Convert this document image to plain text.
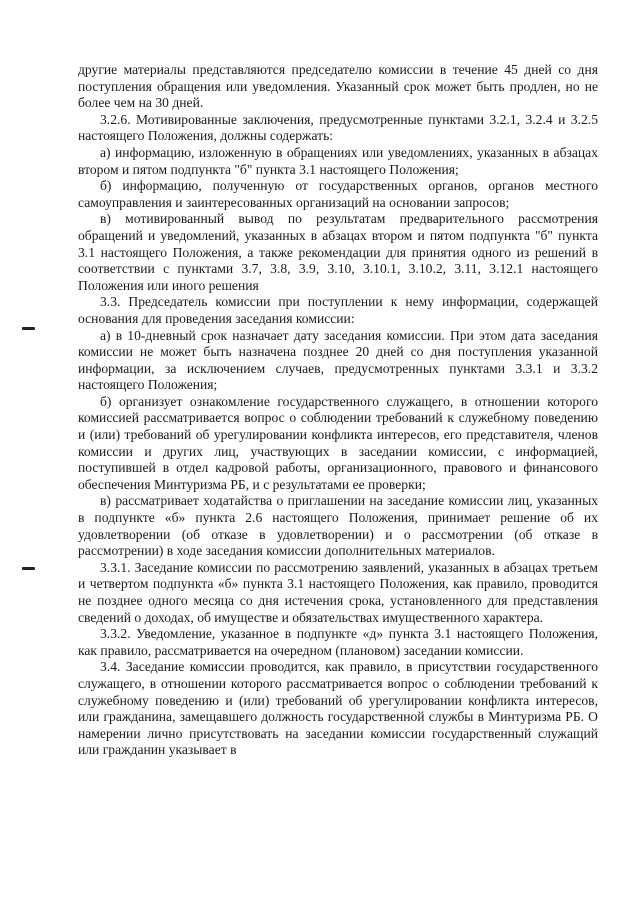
другие материалы представляются председателю комиссии в течение 45 дней со дня поступления обращения или уведомления. Указанный срок может быть продлен, но не более чем на 30 дней.

3.2.6. Мотивированные заключения, предусмотренные пунктами 3.2.1, 3.2.4 и 3.2.5 настоящего Положения, должны содержать:

а) информацию, изложенную в обращениях или уведомлениях, указанных в абзацах втором и пятом подпункта "б" пункта 3.1 настоящего Положения;

б) информацию, полученную от государственных органов, органов местного самоуправления и заинтересованных организаций на основании запросов;

в) мотивированный вывод по результатам предварительного рассмотрения обращений и уведомлений, указанных в абзацах втором и пятом подпункта "б" пункта 3.1 настоящего Положения, а также рекомендации для принятия одного из решений в соответствии с пунктами 3.7, 3.8, 3.9, 3.10, 3.10.1, 3.10.2, 3.11, 3.12.1 настоящего Положения или иного решения

3.3. Председатель комиссии при поступлении к нему информации, содержащей основания для проведения заседания комиссии:

а) в 10-дневный срок назначает дату заседания комиссии. При этом дата заседания комиссии не может быть назначена позднее 20 дней со дня поступления указанной информации, за исключением случаев, предусмотренных пунктами 3.3.1 и 3.3.2 настоящего Положения;

б) организует ознакомление государственного служащего, в отношении которого комиссией рассматривается вопрос о соблюдении требований к служебному поведению и (или) требований об урегулировании конфликта интересов, его представителя, членов комиссии и других лиц, участвующих в заседании комиссии, с информацией, поступившей в отдел кадровой работы, организационного, правового и финансового обеспечения Минтуризма РБ, и с результатами ее проверки;

в) рассматривает ходатайства о приглашении на заседание комиссии лиц, указанных в подпункте «б» пункта 2.6 настоящего Положения, принимает решение об их удовлетворении (об отказе в удовлетворении) и о рассмотрении (об отказе в рассмотрении) в ходе заседания комиссии дополнительных материалов.

3.3.1. Заседание комиссии по рассмотрению заявлений, указанных в абзацах третьем и четвертом подпункта «б» пункта 3.1 настоящего Положения, как правило, проводится не позднее одного месяца со дня истечения срока, установленного для представления сведений о доходах, об имуществе и обязательствах имущественного характера.

3.3.2. Уведомление, указанное в подпункте «д» пункта 3.1 настоящего Положения, как правило, рассматривается на очередном (плановом) заседании комиссии.

3.4. Заседание комиссии проводится, как правило, в присутствии государственного служащего, в отношении которого рассматривается вопрос о соблюдении требований к служебному поведению и (или) требований об урегулировании конфликта интересов, или гражданина, замещавшего должность государственной службы в Минтуризма РБ. О намерении лично присутствовать на заседании комиссии государственный служащий или гражданин указывает в
